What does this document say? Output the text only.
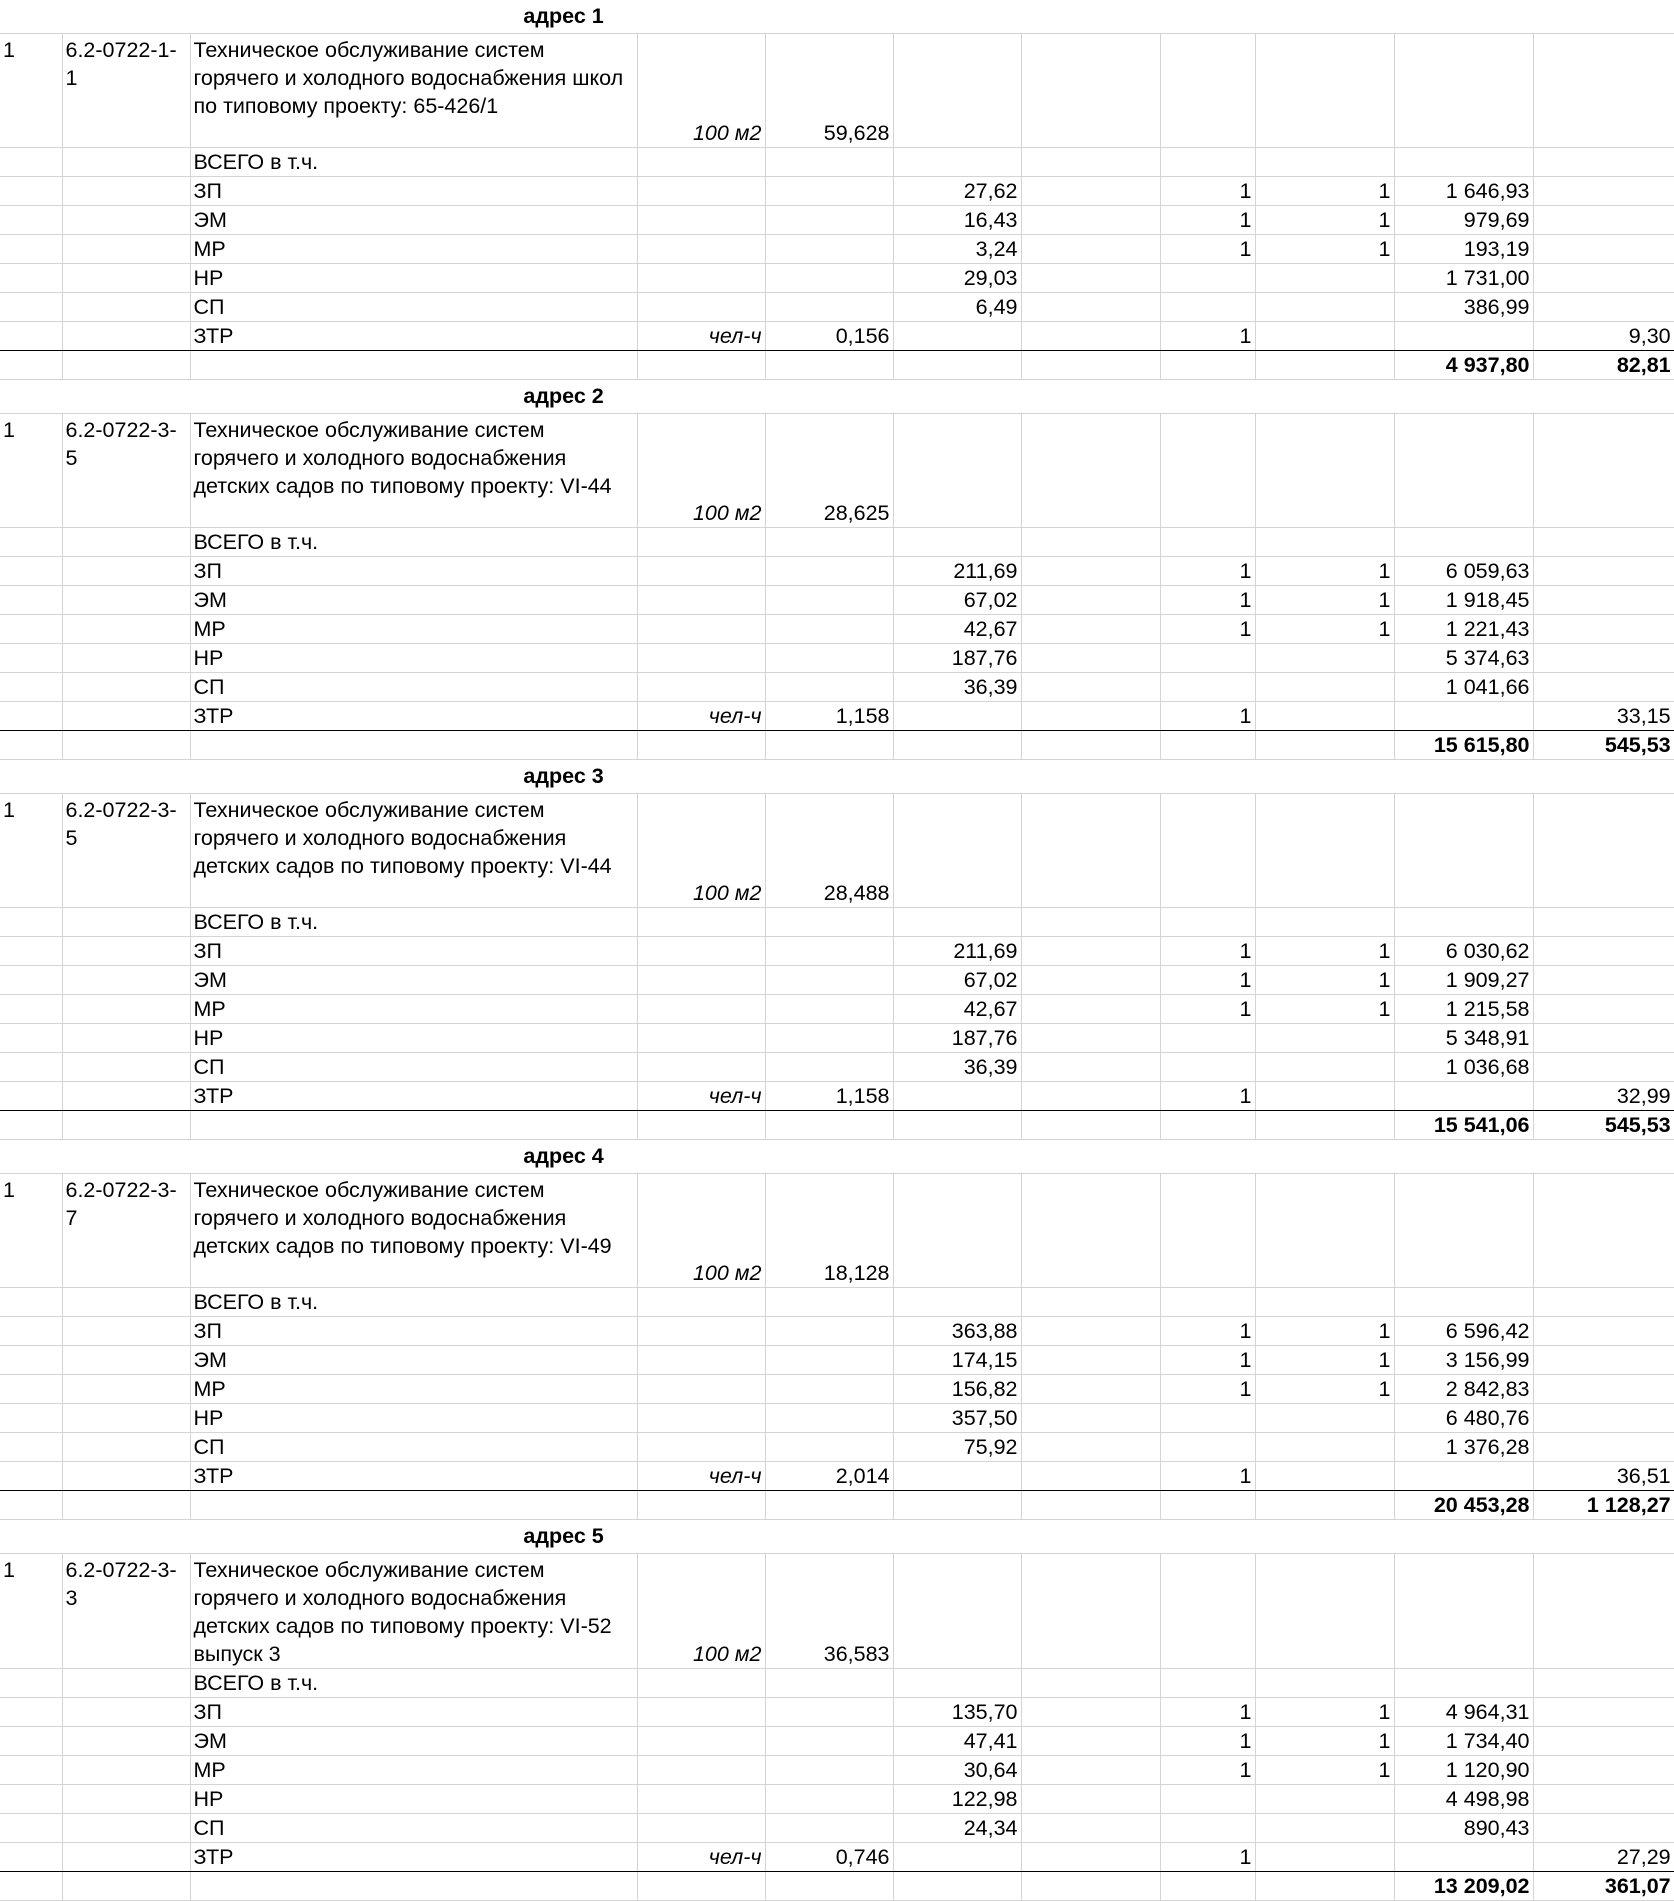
адрес 1										
1	6.2-0722-1-1	Техническое обслуживание систем горячего и холодного водоснабжения школ по типовому проекту: 65-426/1	100 м2	59,628						
		ВСЕГО в т.ч.								
		ЗП			27,62		1	1	1 646,93	
		ЭМ			16,43		1	1	979,69	
		МР			3,24		1	1	193,19	
		НР			29,03				1 731,00	
		СП			6,49				386,99	
		ЗТР	чел-ч	0,156			1			9,30
									4 937,80	82,81
адрес 2										
1	6.2-0722-3-5	Техническое обслуживание систем горячего и холодного водоснабжения детских садов по типовому проекту: VI-44	100 м2	28,625						
		ВСЕГО в т.ч.								
		ЗП			211,69		1	1	6 059,63	
		ЭМ			67,02		1	1	1 918,45	
		МР			42,67		1	1	1 221,43	
		НР			187,76				5 374,63	
		СП			36,39				1 041,66	
		ЗТР	чел-ч	1,158			1			33,15
									15 615,80	545,53
адрес 3										
1	6.2-0722-3-5	Техническое обслуживание систем горячего и холодного водоснабжения детских садов по типовому проекту: VI-44	100 м2	28,488						
		ВСЕГО в т.ч.								
		ЗП			211,69		1	1	6 030,62	
		ЭМ			67,02		1	1	1 909,27	
		МР			42,67		1	1	1 215,58	
		НР			187,76				5 348,91	
		СП			36,39				1 036,68	
		ЗТР	чел-ч	1,158			1			32,99
									15 541,06	545,53
адрес 4										
1	6.2-0722-3-7	Техническое обслуживание систем горячего и холодного водоснабжения детских садов по типовому проекту: VI-49	100 м2	18,128						
		ВСЕГО в т.ч.								
		ЗП			363,88		1	1	6 596,42	
		ЭМ			174,15		1	1	3 156,99	
		МР			156,82		1	1	2 842,83	
		НР			357,50				6 480,76	
		СП			75,92				1 376,28	
		ЗТР	чел-ч	2,014			1			36,51
									20 453,28	1 128,27
адрес 5										
1	6.2-0722-3-3	Техническое обслуживание систем горячего и холодного водоснабжения детских садов по типовому проекту: VI-52 выпуск 3	100 м2	36,583						
		ВСЕГО в т.ч.								
		ЗП			135,70		1	1	4 964,31	
		ЭМ			47,41		1	1	1 734,40	
		МР			30,64		1	1	1 120,90	
		НР			122,98				4 498,98	
		СП			24,34				890,43	
		ЗТР	чел-ч	0,746			1			27,29
									13 209,02	361,07
